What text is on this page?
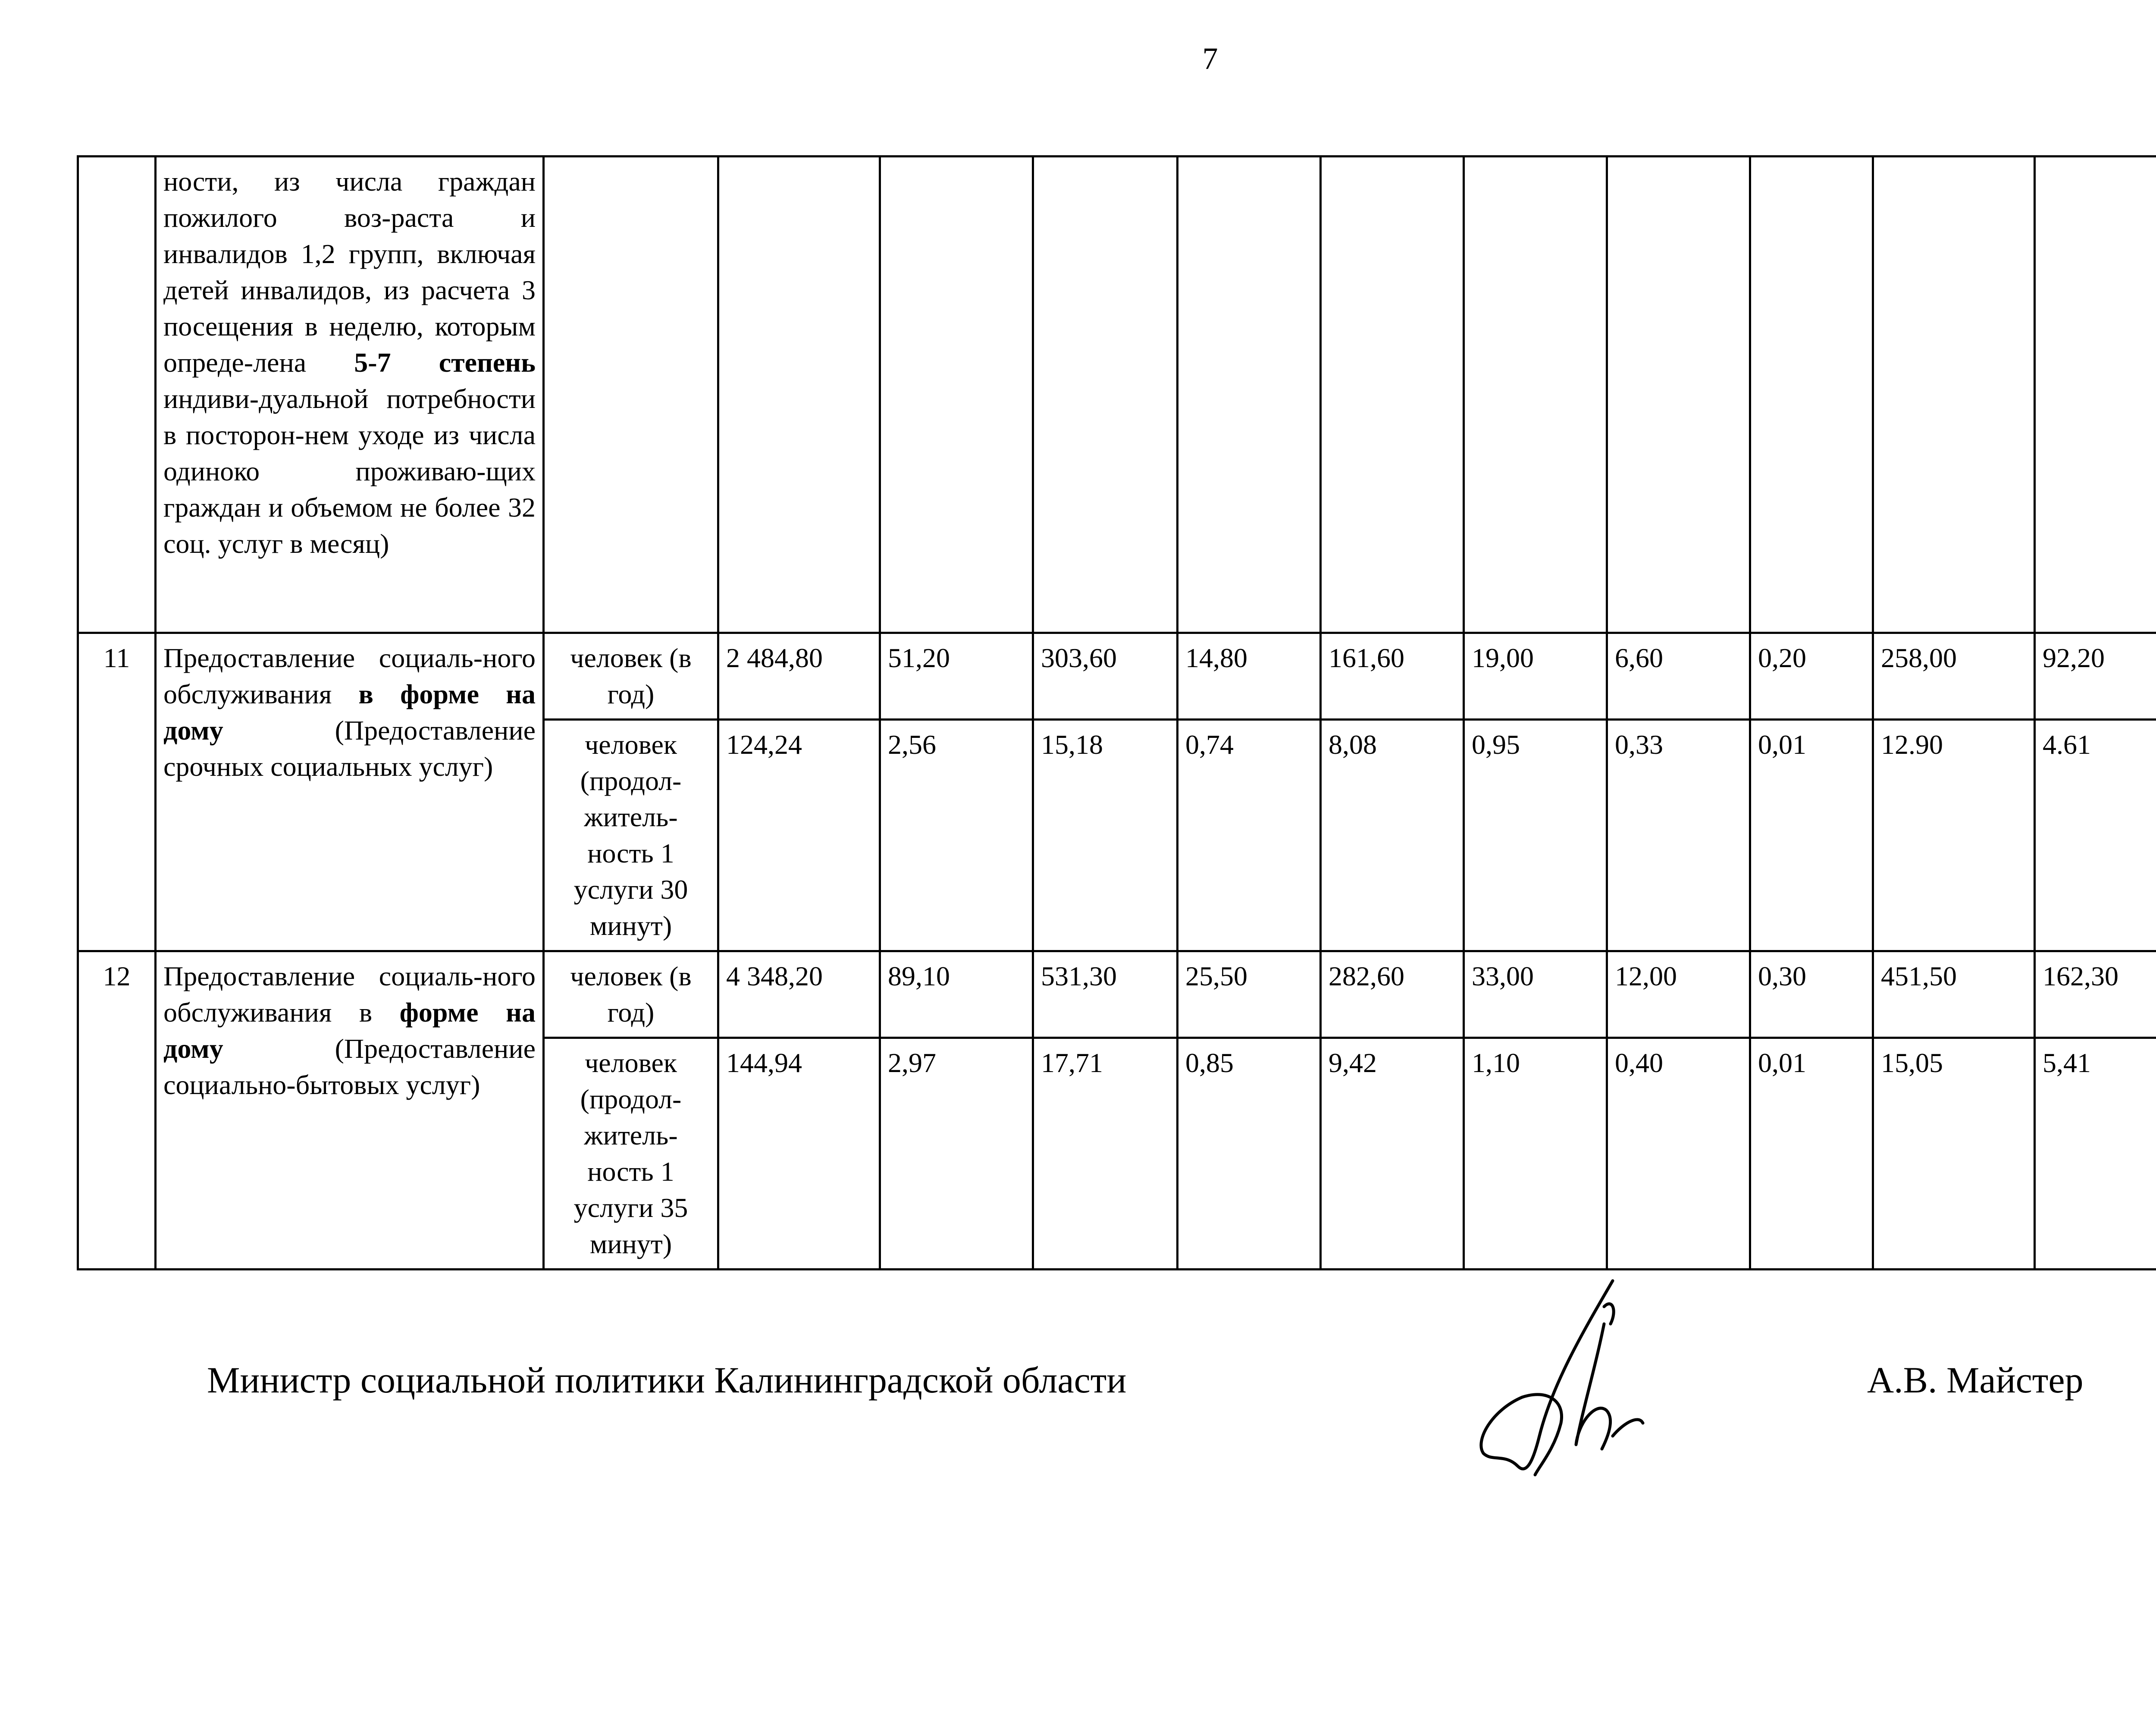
7
	ности, из числа граждан пожилого воз-раста и инвалидов 1,2 групп, включая детей инвалидов, из расчета 3 посещения в неделю, которым опреде-лена 5-7 степень индиви-дуальной потребности в посторон-нем уходе из числа одиноко проживаю-щих граждан и объемом не более 32 соц. услуг в месяц)												
11	Предоставление социаль-ного обслуживания в форме на дому (Предоставление срочных социальных услуг)	человек (в год)	2 484,80	51,20	303,60	14,80	161,60	19,00	6,60	0,20	258,00	92,20	
		человек (продол-житель-ность 1 услуги 30 минут)	124,24	2,56	15,18	0,74	8,08	0,95	0,33	0,01	12.90	4.61	
12	Предоставление социаль-ного обслуживания в форме на дому (Предоставление социально-бытовых услуг)	человек (в год)	4 348,20	89,10	531,30	25,50	282,60	33,00	12,00	0,30	451,50	162,30	
		человек (продол-житель-ность 1 услуги 35 минут)	144,94	2,97	17,71	0,85	9,42	1,10	0,40	0,01	15,05	5,41	
Министр социальной политики Калининградской области	А.В. Майстер
